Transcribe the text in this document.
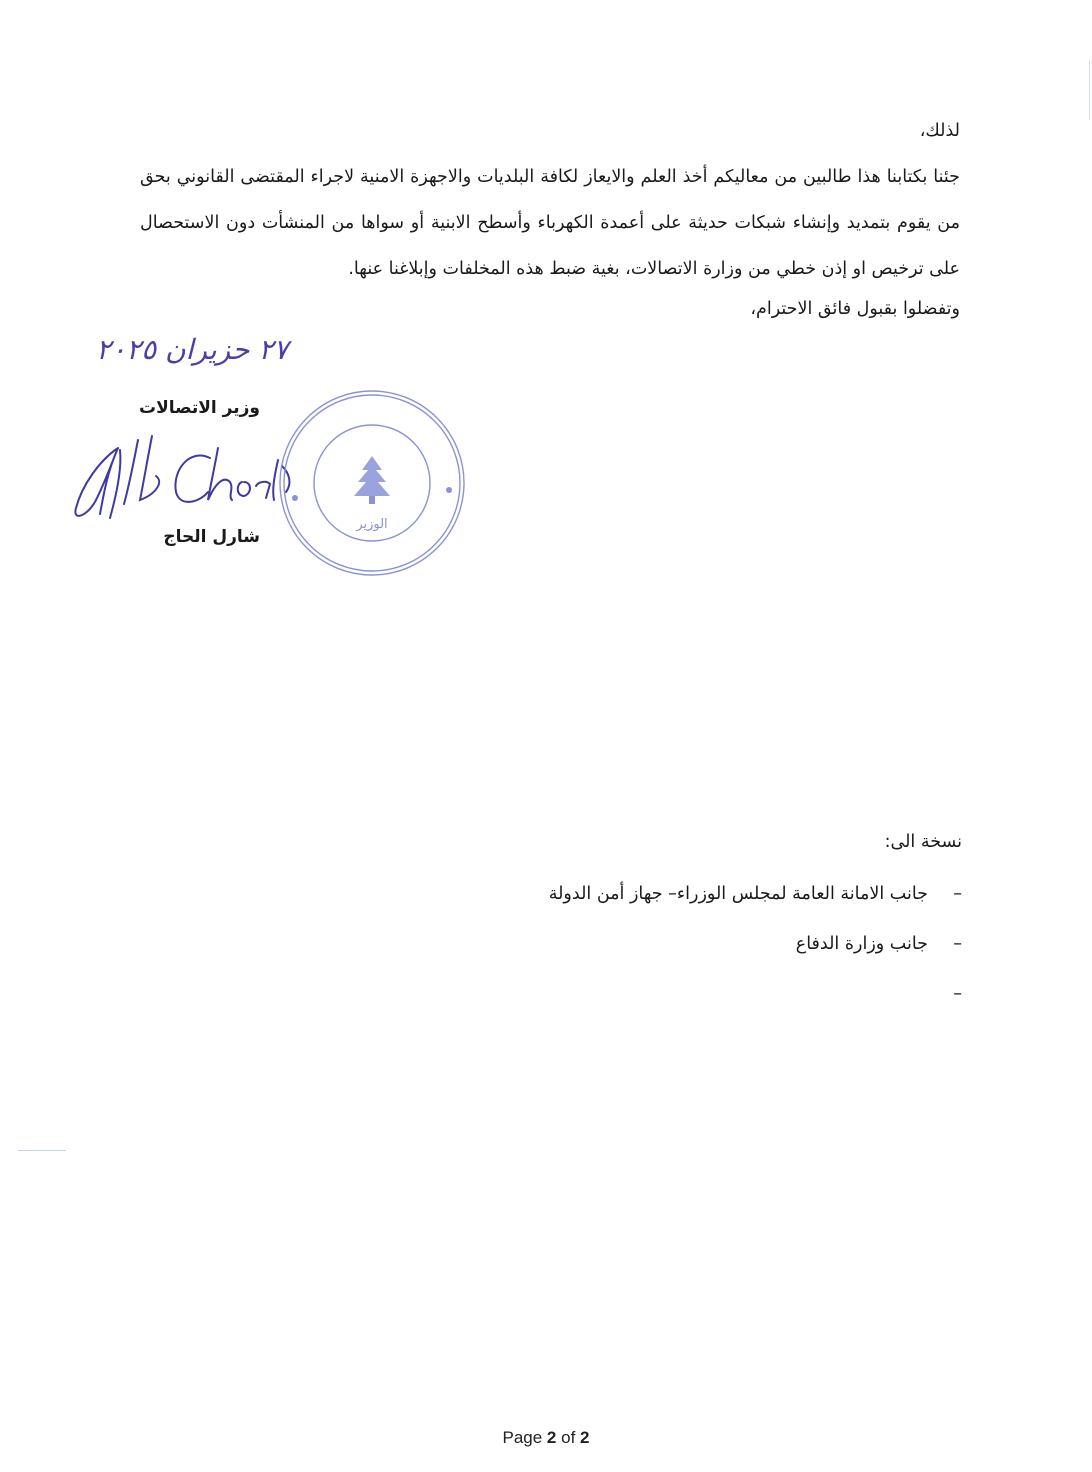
لذلك،

جئنا بكتابنا هذا طالبين من معاليكم أخذ العلم والايعاز لكافة البلديات والاجهزة الامنية لاجراء المقتضى القانوني بحق من يقوم بتمديد وإنشاء شبكات حديثة على أعمدة الكهرباء وأسطح الابنية أو سواها من المنشأت دون الاستحصال على ترخيص او إذن خطي من وزارة الاتصالات، بغية ضبط هذه المخلفات وإبلاغنا عنها.

وتفضلوا بقبول فائق الاحترام،

٢٧ حزيران ٢٠٢٥
وزير الاتصالات
الوزير
شارل الحاج

نسخة الى:

–جانب الامانة العامة لمجلس الوزراء– جهاز أمن الدولة
–جانب وزارة الدفاع
–
Page 2 of 2
